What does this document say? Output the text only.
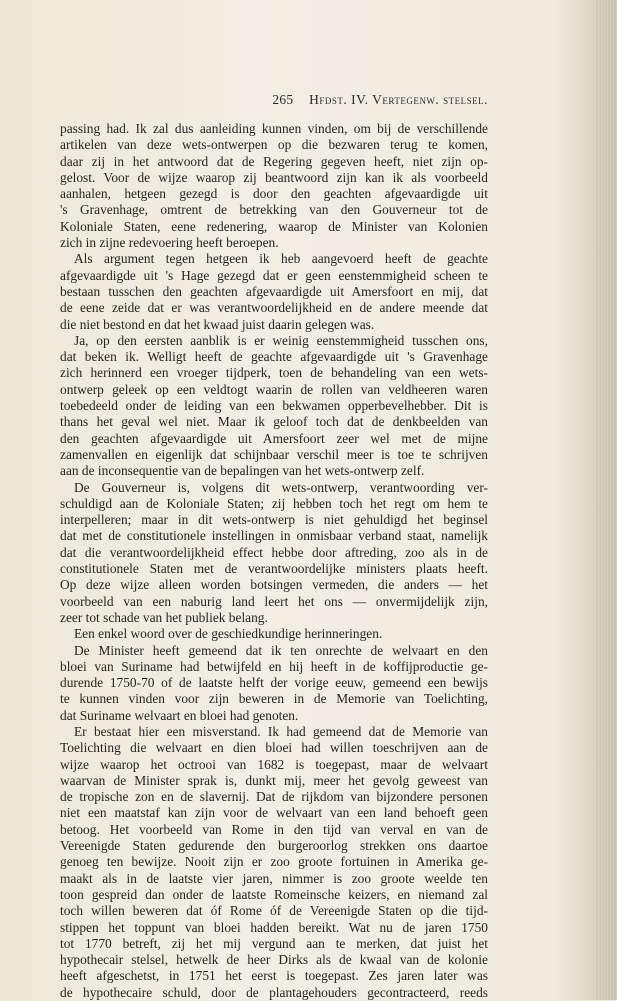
265 Hfdst. IV. Vertegenw. stelsel.
passing had. Ik zal dus aanleiding kunnen vinden, om bij de verschillende
artikelen van deze wets-ontwerpen op die bezwaren terug te komen,
daar zij in het antwoord dat de Regering gegeven heeft, niet zijn op-
gelost. Voor de wijze waarop zij beantwoord zijn kan ik als voorbeeld
aanhalen, hetgeen gezegd is door den geachten afgevaardigde uit
's Gravenhage, omtrent de betrekking van den Gouverneur tot de
Koloniale Staten, eene redenering, waarop de Minister van Kolonien
zich in zijne redevoering heeft beroepen.
Als argument tegen hetgeen ik heb aangevoerd heeft de geachte
afgevaardigde uit 's Hage gezegd dat er geen eenstemmigheid scheen te
bestaan tusschen den geachten afgevaardigde uit Amersfoort en mij, dat
de eene zeide dat er was verantwoordelijkheid en de andere meende dat
die niet bestond en dat het kwaad juist daarin gelegen was.
Ja, op den eersten aanblik is er weinig eenstemmigheid tusschen ons,
dat beken ik. Welligt heeft de geachte afgevaardigde uit 's Gravenhage
zich herinnerd een vroeger tijdperk, toen de behandeling van een wets-
ontwerp geleek op een veldtogt waarin de rollen van veldheeren waren
toebedeeld onder de leiding van een bekwamen opperbevelhebber. Dit is
thans het geval wel niet. Maar ik geloof toch dat de denkbeelden van
den geachten afgevaardigde uit Amersfoort zeer wel met de mijne
zamenvallen en eigenlijk dat schijnbaar verschil meer is toe te schrijven
aan de inconsequentie van de bepalingen van het wets-ontwerp zelf.
De Gouverneur is, volgens dit wets-ontwerp, verantwoording ver-
schuldigd aan de Koloniale Staten; zij hebben toch het regt om hem te
interpelleren; maar in dit wets-ontwerp is niet gehuldigd het beginsel
dat met de constitutionele instellingen in onmisbaar verband staat, namelijk
dat die verantwoordelijkheid effect hebbe door aftreding, zoo als in de
constitutionele Staten met de verantwoordelijke ministers plaats heeft.
Op deze wijze alleen worden botsingen vermeden, die anders — het
voorbeeld van een naburig land leert het ons — onvermijdelijk zijn,
zeer tot schade van het publiek belang.
Een enkel woord over de geschiedkundige herinneringen.
De Minister heeft gemeend dat ik ten onrechte de welvaart en den
bloei van Suriname had betwijfeld en hij heeft in de koffijproductie ge-
durende 1750-70 of de laatste helft der vorige eeuw, gemeend een bewijs
te kunnen vinden voor zijn beweren in de Memorie van Toelichting,
dat Suriname welvaart en bloei had genoten.
Er bestaat hier een misverstand. Ik had gemeend dat de Memorie van
Toelichting die welvaart en dien bloei had willen toeschrijven aan de
wijze waarop het octrooi van 1682 is toegepast, maar de welvaart
waarvan de Minister sprak is, dunkt mij, meer het gevolg geweest van
de tropische zon en de slavernij. Dat de rijkdom van bijzondere personen
niet een maatstaf kan zijn voor de welvaart van een land behoeft geen
betoog. Het voorbeeld van Rome in den tijd van verval en van de
Vereenigde Staten gedurende den burgeroorlog strekken ons daartoe
genoeg ten bewijze. Nooit zijn er zoo groote fortuinen in Amerika ge-
maakt als in de laatste vier jaren, nimmer is zoo groote weelde ten
toon gespreid dan onder de laatste Romeinsche keizers, en niemand zal
toch willen beweren dat óf Rome óf de Vereenigde Staten op die tijd-
stippen het toppunt van bloei hadden bereikt. Wat nu de jaren 1750
tot 1770 betreft, zij het mij vergund aan te merken, dat juist het
hypothecair stelsel, hetwelk de heer Dirks als de kwaal van de kolonie
heeft afgeschetst, in 1751 het eerst is toegepast. Zes jaren later was
de hypothecaire schuld, door de plantagehouders gecontracteerd, reeds
